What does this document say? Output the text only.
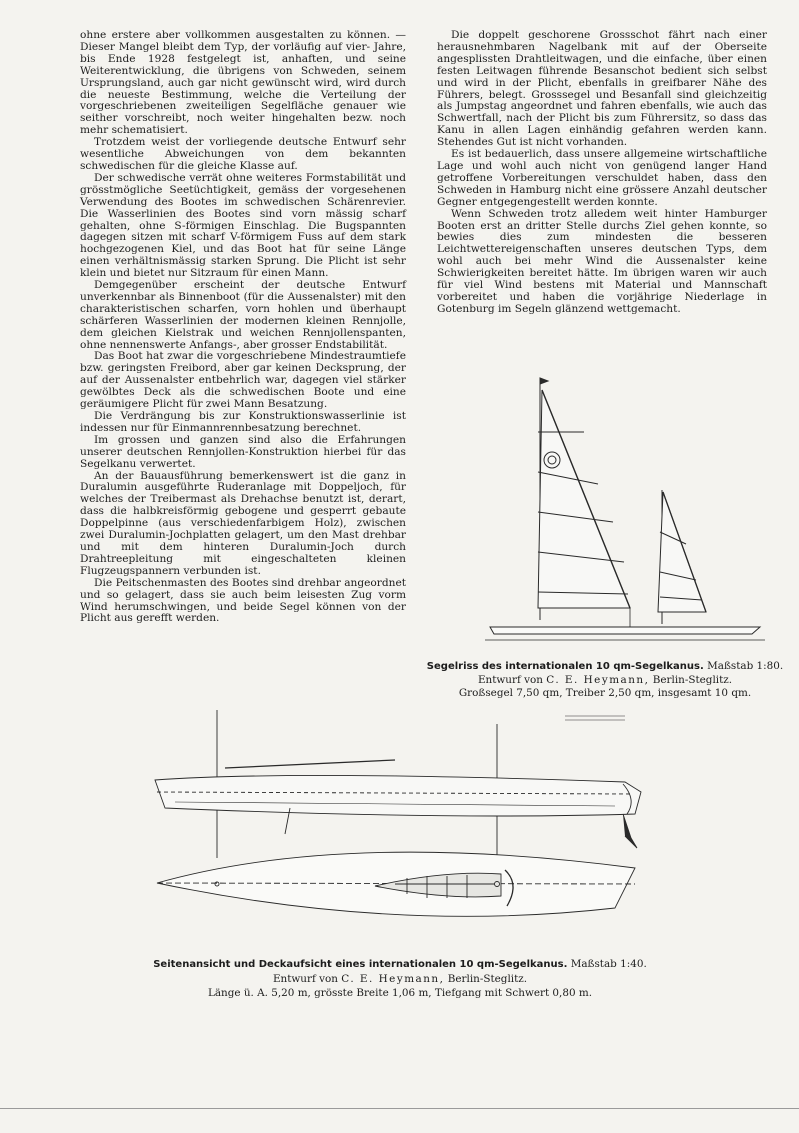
ohne erstere aber vollkommen ausgestalten zu können. — Dieser Mangel bleibt dem Typ, der vorläufig auf vier- Jahre, bis Ende 1928 festgelegt ist, anhaften, und seine Weiterentwicklung, die übrigens von Schweden, seinem Ursprungsland, auch gar nicht gewünscht wird, wird durch die neueste Bestimmung, welche die Verteilung der vorgeschriebenen zweiteiligen Segelfläche genauer wie seither vorschreibt, noch weiter hingehalten bezw. noch mehr schematisiert.

Trotzdem weist der vorliegende deutsche Entwurf sehr wesentliche Abweichungen von dem bekannten schwedischen für die gleiche Klasse auf.

Der schwedische verrät ohne weiteres Formstabilität und grösstmögliche Seetüchtigkeit, gemäss der vorgesehenen Verwendung des Bootes im schwedischen Schärenrevier. Die Wasserlinien des Bootes sind vorn mässig scharf gehalten, ohne S-förmigen Einschlag. Die Bugspannten dagegen sitzen mit scharf V-förmigem Fuss auf dem stark hochgezogenen Kiel, und das Boot hat für seine Länge einen verhältnismässig starken Sprung. Die Plicht ist sehr klein und bietet nur Sitzraum für einen Mann.

Demgegenüber erscheint der deutsche Entwurf unverkennbar als Binnenboot (für die Aussenalster) mit den charakteristischen scharfen, vorn hohlen und überhaupt schärferen Wasserlinien der modernen kleinen Rennjolle, dem gleichen Kielstrak und weichen Rennjollenspanten, ohne nennenswerte Anfangs-, aber grosser Endstabilität.

Das Boot hat zwar die vorgeschriebene Mindestraumtiefe bzw. geringsten Freibord, aber gar keinen Decksprung, der auf der Aussenalster entbehrlich war, dagegen viel stärker gewölbtes Deck als die schwedischen Boote und eine geräumigere Plicht für zwei Mann Besatzung.

Die Verdrängung bis zur Konstruktionswasserlinie ist indessen nur für Einmannrennbesatzung berechnet.

Im grossen und ganzen sind also die Erfahrungen unserer deutschen Rennjollen-Konstruktion hierbei für das Segelkanu verwertet.

An der Bauausführung bemerkenswert ist die ganz in Duralumin ausgeführte Ruderanlage mit Doppeljoch, für welches der Treibermast als Drehachse benutzt ist, derart, dass die halbkreisförmig gebogene und gesperrt gebaute Doppelpinne (aus verschiedenfarbigem Holz), zwischen zwei Duralumin-Jochplatten gelagert, um den Mast drehbar und mit dem hinteren Duralumin-Joch durch Drahtreepleitung mit eingeschalteten kleinen Flugzeugspannern verbunden ist.

Die Peitschenmasten des Bootes sind drehbar angeordnet und so gelagert, dass sie auch beim leisesten Zug vorm Wind herumschwingen, und beide Segel können von der Plicht aus gerefft werden.

Die doppelt geschorene Grossschot fährt nach einer herausnehmbaren Nagelbank mit auf der Oberseite angesplissten Drahtleitwagen, und die einfache, über einen festen Leitwagen führende Besanschot bedient sich selbst und wird in der Plicht, ebenfalls in greifbarer Nähe des Führers, belegt. Grosssegel und Besanfall sind gleichzeitig als Jumpstag angeordnet und fahren ebenfalls, wie auch das Schwertfall, nach der Plicht bis zum Führersitz, so dass das Kanu in allen Lagen einhändig gefahren werden kann. Stehendes Gut ist nicht vorhanden.

Es ist bedauerlich, dass unsere allgemeine wirtschaftliche Lage und wohl auch nicht von genügend langer Hand getroffene Vorbereitungen verschuldet haben, dass den Schweden in Hamburg nicht eine grössere Anzahl deutscher Gegner entgegengestellt werden konnte.

Wenn Schweden trotz alledem weit hinter Hamburger Booten erst an dritter Stelle durchs Ziel gehen konnte, so bewies dies zum mindesten die besseren Leichtwettereigenschaften unseres deutschen Typs, dem wohl auch bei mehr Wind die Aussenalster keine Schwierigkeiten bereitet hätte. Im übrigen waren wir auch für viel Wind bestens mit Material und Mannschaft vorbereitet und haben die vorjährige Niederlage in Gotenburg im Segeln glänzend wettgemacht.

Segelriss des internationalen 10 qm-Segelkanus. Maßstab 1:80.
Entwurf von C. E. Heymann, Berlin-Steglitz.
Großsegel 7,50 qm, Treiber 2,50 qm, insgesamt 10 qm.
Seitenansicht und Deckaufsicht eines internationalen 10 qm-Segelkanus. Maßstab 1:40.
Entwurf von C. E. Heymann, Berlin-Steglitz.
Länge ü. A. 5,20 m, grösste Breite 1,06 m, Tiefgang mit Schwert 0,80 m.
